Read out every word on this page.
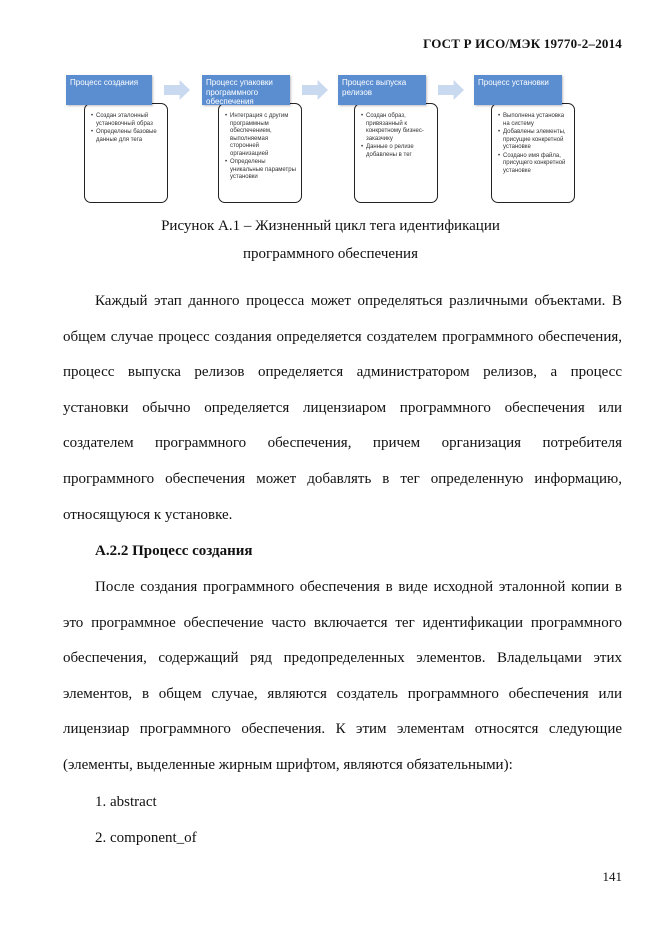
ГОСТ Р ИСО/МЭК 19770-2–2014
• Создан эталонный установочный образ
• Определены базовые данные для тега
Процесс создания
• Интеграция с другим программным обеспечением, выполняемая сторонней организацией
• Определены уникальные параметры установки
Процесс упаковки программного обеспечения
• Создан образ, привязанный к конкретному бизнес-заказчику
• Данные о релизе добавлены в тег
Процесс выпуска релизов
• Выполнена установка на систему
• Добавлены элементы, присущие конкретной установке
• Создано имя файла, присущего конкретной установке
Процесс установки
Рисунок А.1 – Жизненный цикл тега идентификации
программного обеспечения
Каждый этап данного процесса может определяться различными объектами. В общем случае процесс создания определяется создателем программного обеспечения, процесс выпуска релизов определяется администратором релизов, а процесс установки обычно определяется лицензиаром программного обеспечения или создателем программного обеспечения, причем организация потребителя программного обеспечения может добавлять в тег определенную информацию, относящуюся к установке.
А.2.2 Процесс создания
После создания программного обеспечения в виде исходной эталонной копии в это программное обеспечение часто включается тег идентификации программного обеспечения, содержащий ряд предопределенных элементов. Владельцами этих элементов, в общем случае, являются создатель программного обеспечения или лицензиар программного обеспечения. К этим элементам относятся следующие (элементы, выделенные жирным шрифтом, являются обязательными):
1. abstract
2. component_of
141
